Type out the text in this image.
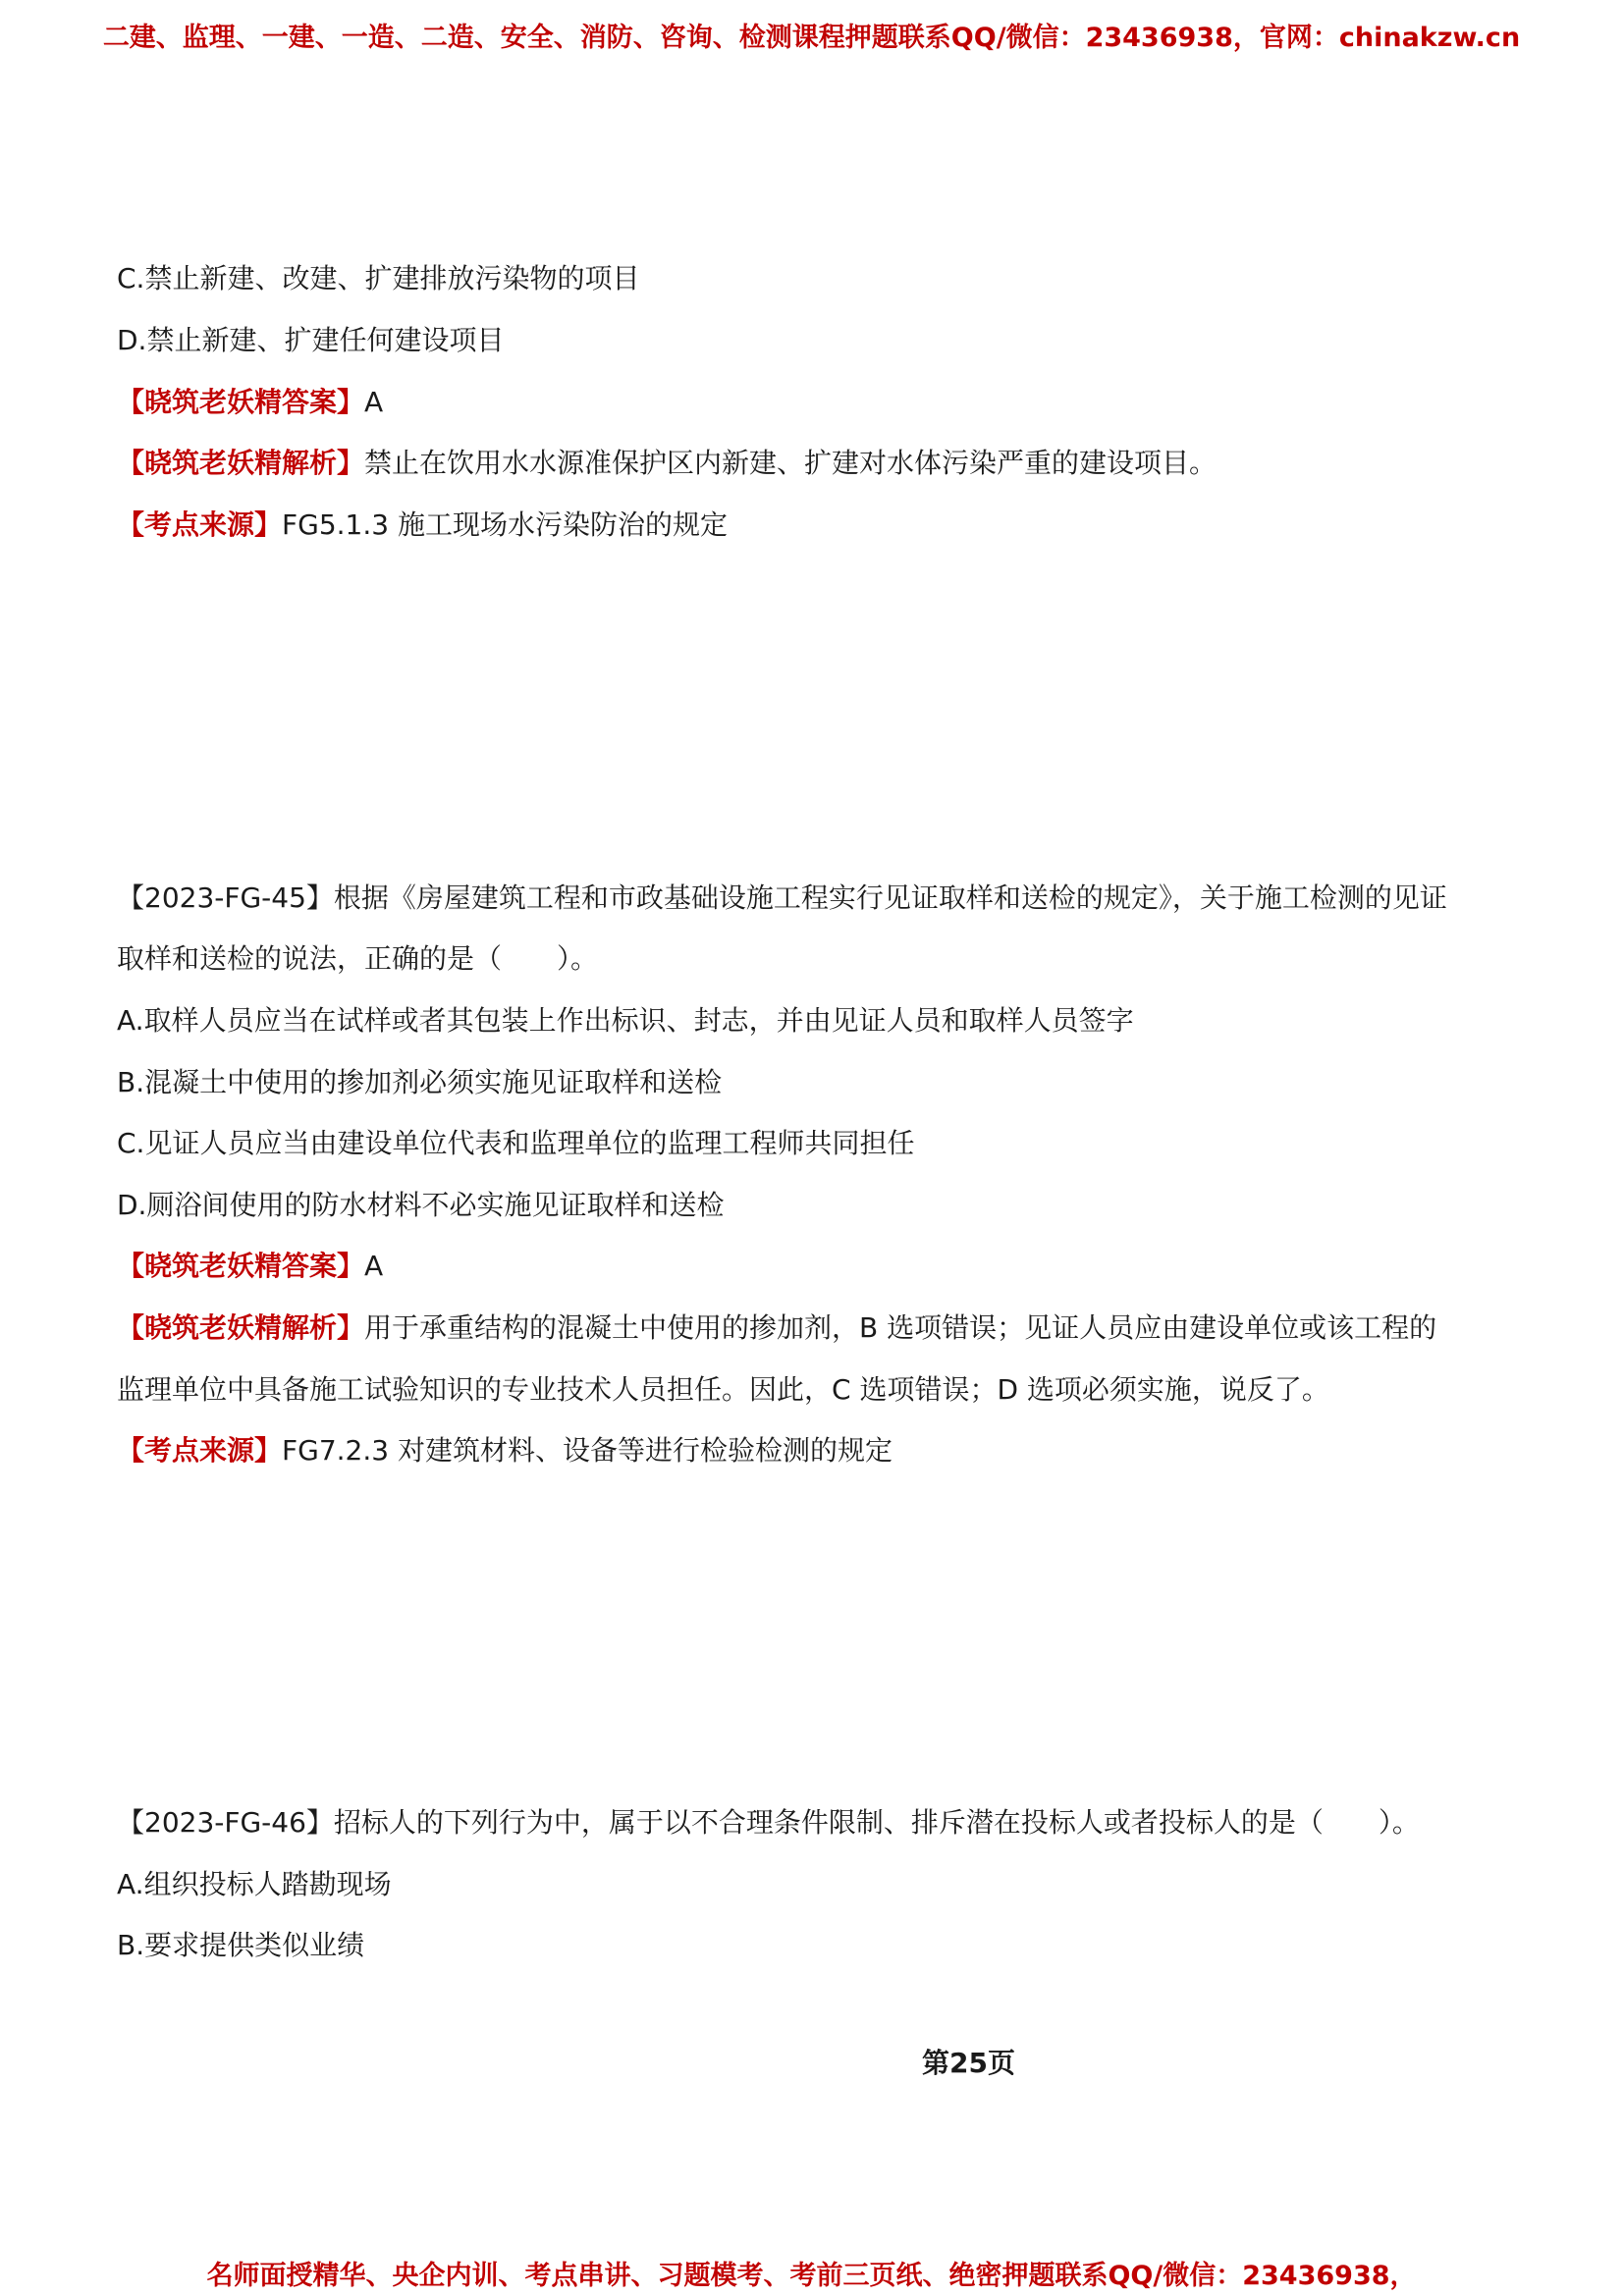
二建、监理、一建、一造、二造、安全、消防、咨询、检测课程押题联系QQ/微信：23436938，官网：chinakzw.cn
C.禁止新建、改建、扩建排放污染物的项目
D.禁止新建、扩建任何建设项目
【晓筑老妖精答案】A
【晓筑老妖精解析】禁止在饮用水水源准保护区内新建、扩建对水体污染严重的建设项目。
【考点来源】FG5.1.3 施工现场水污染防治的规定
【2023-FG-45】根据《房屋建筑工程和市政基础设施工程实行见证取样和送检的规定》，关于施工检测的见证
取样和送检的说法，正确的是（　　）。
A.取样人员应当在试样或者其包装上作出标识、封志，并由见证人员和取样人员签字
B.混凝土中使用的掺加剂必须实施见证取样和送检
C.见证人员应当由建设单位代表和监理单位的监理工程师共同担任
D.厕浴间使用的防水材料不必实施见证取样和送检
【晓筑老妖精答案】A
【晓筑老妖精解析】用于承重结构的混凝土中使用的掺加剂，B 选项错误；见证人员应由建设单位或该工程的
监理单位中具备施工试验知识的专业技术人员担任。因此，C 选项错误；D 选项必须实施，说反了。
【考点来源】FG7.2.3 对建筑材料、设备等进行检验检测的规定
【2023-FG-46】招标人的下列行为中，属于以不合理条件限制、排斥潜在投标人或者投标人的是（　　）。
A.组织投标人踏勘现场
B.要求提供类似业绩
第25页
名师面授精华、央企内训、考点串讲、习题模考、考前三页纸、绝密押题联系QQ/微信：23436938，
